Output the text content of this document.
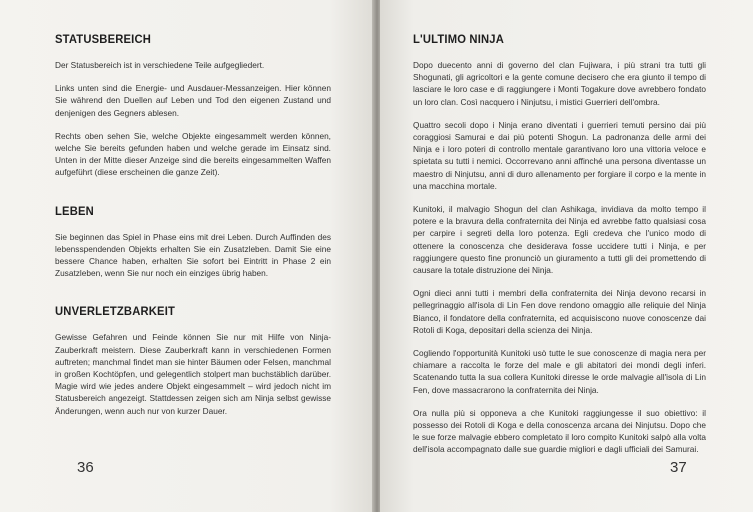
STATUSBEREICH

Der Statusbereich ist in verschiedene Teile aufgegliedert.

Links unten sind die Energie- und Ausdauer-Messanzeigen. Hier können Sie während den Duellen auf Leben und Tod den eigenen Zustand und denjenigen des Gegners ablesen.

Rechts oben sehen Sie, welche Objekte eingesammelt werden können, welche Sie bereits gefunden haben und welche gerade im Einsatz sind. Unten in der Mitte dieser Anzeige sind die bereits eingesammelten Waffen aufgeführt (diese erscheinen die ganze Zeit).

LEBEN

Sie beginnen das Spiel in Phase eins mit drei Leben. Durch Auffinden des lebensspendenden Objekts erhalten Sie ein Zusatzleben. Damit Sie eine bessere Chance haben, erhalten Sie sofort bei Eintritt in Phase 2 ein Zusatzleben, wenn Sie nur noch ein einziges übrig haben.

UNVERLETZBARKEIT

Gewisse Gefahren und Feinde können Sie nur mit Hilfe von Ninja-Zauberkraft meistern. Diese Zauberkraft kann in verschiedenen Formen auftreten; manchmal findet man sie hinter Bäumen oder Felsen, manchmal in großen Kochtöpfen, und gelegentlich stolpert man buchstäblich darüber. Magie wird wie jedes andere Objekt eingesammelt – wird jedoch nicht im Statusbereich angezeigt. Stattdessen zeigen sich am Ninja selbst gewisse Änderungen, wenn auch nur von kurzer Dauer.

36
L'ULTIMO NINJA

Dopo duecento anni di governo del clan Fujiwara, i più strani tra tutti gli Shogunati, gli agricoltori e la gente comune decisero che era giunto il tempo di lasciare le loro case e di raggiungere i Monti Togakure dove avrebbero fondato un loro clan. Così nacquero i Ninjutsu, i mistici Guerrieri dell'ombra.

Quattro secoli dopo i Ninja erano diventati i guerrieri temuti persino dai più coraggiosi Samurai e dai più potenti Shogun. La padronanza delle armi dei Ninja e i loro poteri di controllo mentale garantivano loro una vittoria veloce e spietata su tutti i nemici. Occorrevano anni affinché una persona diventasse un maestro di Ninjutsu, anni di duro allenamento per forgiare il corpo e la mente in una macchina mortale.

Kunitoki, il malvagio Shogun del clan Ashikaga, invidiava da molto tempo il potere e la bravura della confraternita dei Ninja ed avrebbe fatto qualsiasi cosa per carpire i segreti della loro potenza. Egli credeva che l'unico modo di ottenere la conoscenza che desiderava fosse uccidere tutti i Ninja, e per raggiungere questo fine pronunciò un giuramento a tutti gli dei promettendo di causare la totale distruzione dei Ninja.

Ogni dieci anni tutti i membri della confraternita dei Ninja devono recarsi in pellegrinaggio all'isola di Lin Fen dove rendono omaggio alle reliquie del Ninja Bianco, il fondatore della confraternita, ed acquisiscono nuove conoscenze dai Rotoli di Koga, depositari della scienza dei Ninja.

Cogliendo l'opportunità Kunitoki usò tutte le sue conoscenze di magia nera per chiamare a raccolta le forze del male e gli abitatori dei mondi degli inferi. Scatenando tutta la sua collera Kunitoki diresse le orde malvagie all'isola di Lin Fen, dove massacrarono la confraternita dei Ninja.

Ora nulla più si opponeva a che Kunitoki raggiungesse il suo obiettivo: il possesso dei Rotoli di Koga e della conoscenza arcana dei Ninjutsu. Dopo che le sue forze malvagie ebbero completato il loro compito Kunitoki salpò alla volta dell'isola accompagnato dalle sue guardie migliori e dagli ufficiali dei Samurai.

37
